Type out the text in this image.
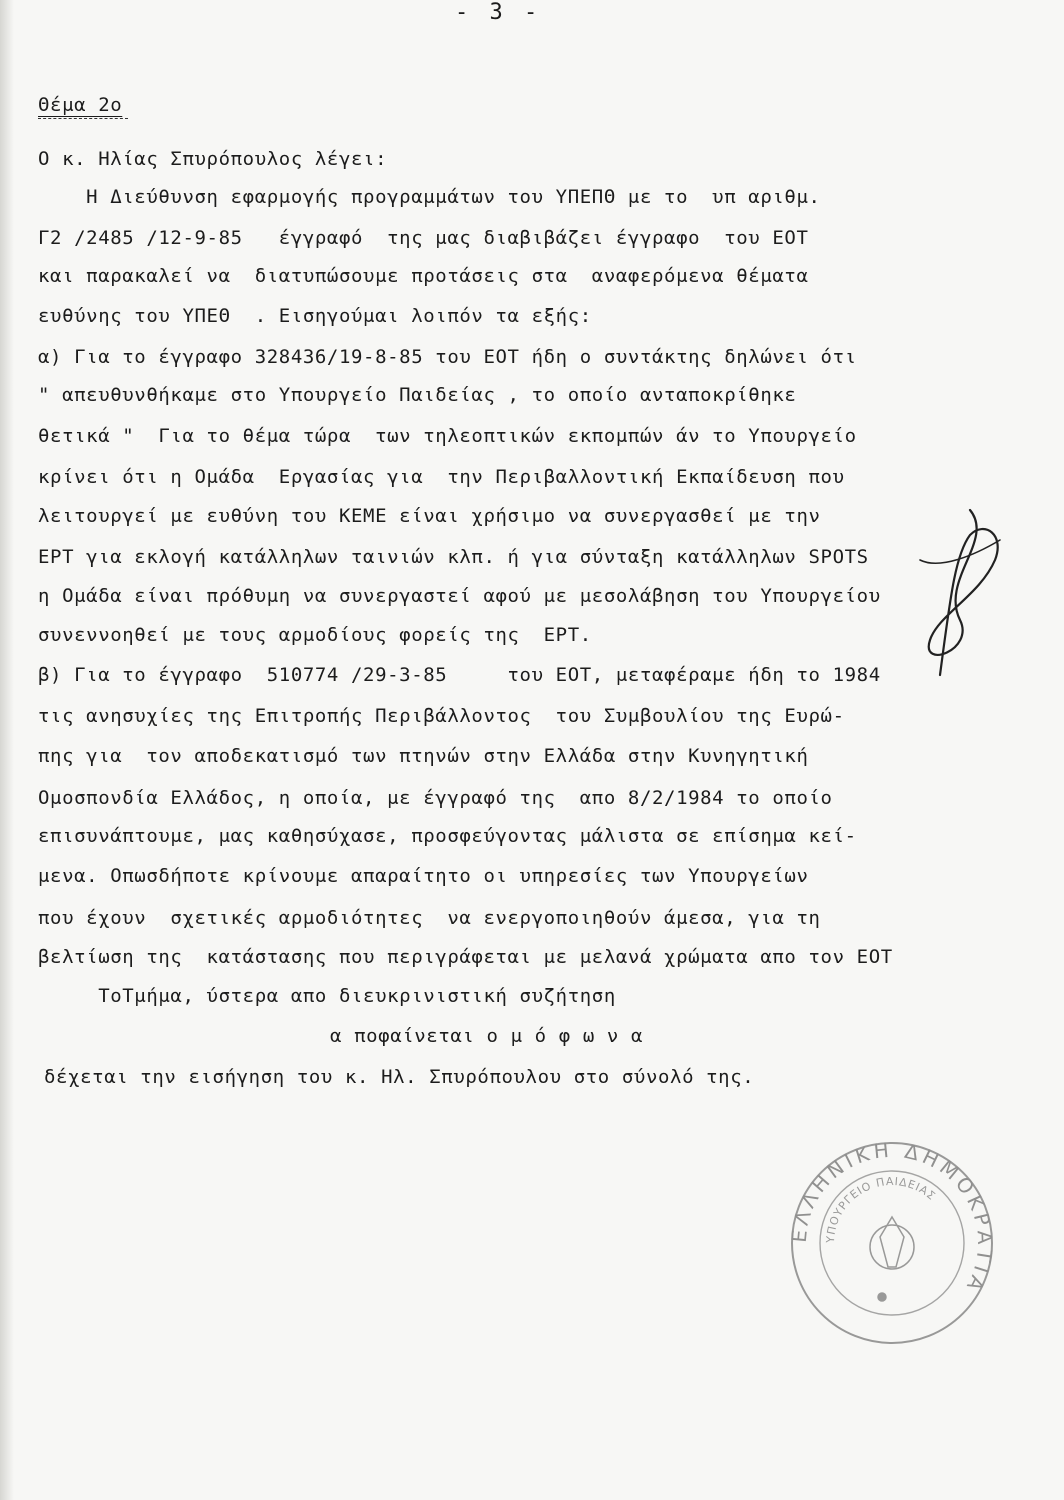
- 3 -
Θέμα 2ο
Ο κ. Ηλίας Σπυρόπουλος λέγει:
Η Διεύθυνση εφαρμογής προγραμμάτων του ΥΠΕΠΘ με το  υπ αριθμ.
Γ2 /2485 /12-9-85   έγγραφό  της μας διαβιβάζει έγγραφο  του ΕΟΤ
και παρακαλεί να  διατυπώσουμε προτάσεις στα  αναφερόμενα θέματα
ευθύνης του ΥΠΕΘ  . Εισηγούμαι λοιπόν τα εξής:
α) Για το έγγραφο 328436/19-8-85 του ΕΟΤ ήδη ο συντάκτης δηλώνει ότι
" απευθυνθήκαμε στο Υπουργείο Παιδείας , το οποίο ανταποκρίθηκε
θετικά "  Για το θέμα τώρα  των τηλεοπτικών εκπομπών άν το Υπουργείο
κρίνει ότι η Ομάδα  Εργασίας για  την Περιβαλλοντική Εκπαίδευση που
λειτουργεί με ευθύνη του ΚΕΜΕ είναι χρήσιμο να συνεργασθεί με την
ΕΡΤ για εκλογή κατάλληλων ταινιών κλπ. ή για σύνταξη κατάλληλων SPOTS
η Ομάδα είναι πρόθυμη να συνεργαστεί αφού με μεσολάβηση του Υπουργείου
συνεννοηθεί με τους αρμοδίους φορείς της  ΕΡΤ.
β) Για το έγγραφο  510774 /29-3-85     του ΕΟΤ, μεταφέραμε ήδη το 1984
τις ανησυχίες της Επιτροπής Περιβάλλοντος  του Συμβουλίου της Ευρώ-
πης για  τον αποδεκατισμό των πτηνών στην Ελλάδα στην Κυνηγητική
Ομοσπονδία Ελλάδος, η οποία, με έγγραφό της  απο 8/2/1984 το οποίο
επισυνάπτουμε, μας καθησύχασε, προσφεύγοντας μάλιστα σε επίσημα κεί-
μενα. Οπωσδήποτε κρίνουμε απαραίτητο οι υπηρεσίες των Υπουργείων
που έχουν  σχετικές αρμοδιότητες  να ενεργοποιηθούν άμεσα, για τη
βελτίωση της  κατάστασης που περιγράφεται με μελανά χρώματα απο τον ΕΟΤ
ΤοΤμήμα, ύστερα απο διευκρινιστική συζήτηση
α ποφαίνεται ο μ ό φ ω ν α
δέχεται την εισήγηση του κ. Ηλ. Σπυρόπουλου στο σύνολό της.
ΕΛΛΗΝΙΚΗ ΔΗΜΟΚΡΑΤΙΑ
ΥΠΟΥΡΓΕΙΟ ΠΑΙΔΕΙΑΣ
